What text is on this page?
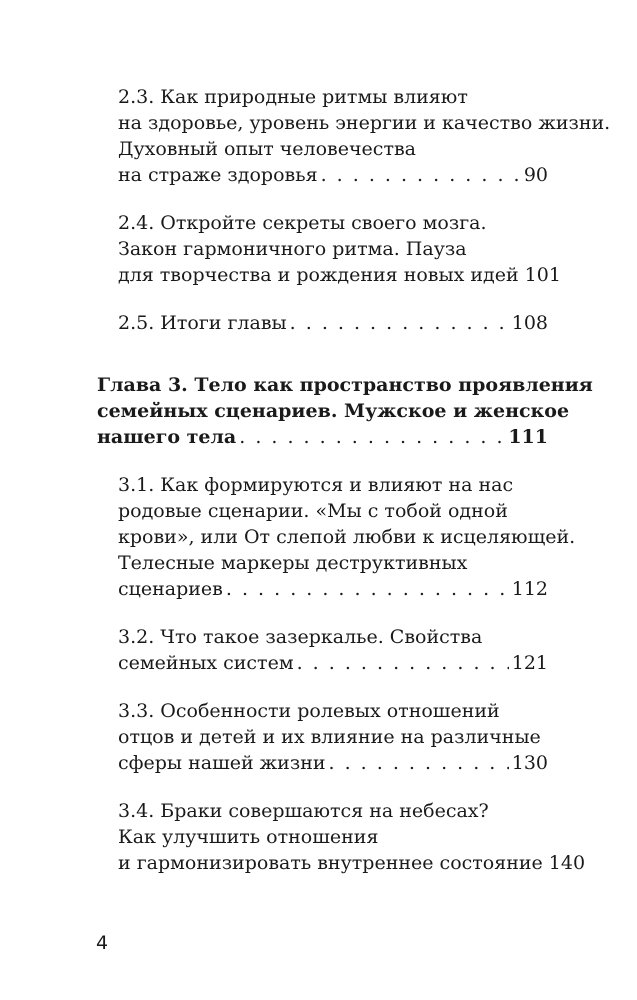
2.3. Как природные ритмы влияют
на здоровье, уровень энергии и качество жизни.
Духовный опыт человечества
на страже здоровья . . .	90
2.4. Откройте секреты своего мозга.
Закон гармоничного ритма. Пауза
для творчества и рождения новых идей 101
2.5. Итоги главы . . .	108
Глава 3. Тело как пространство проявления
семейных сценариев. Мужское и женское
нашего тела . . .	111
3.1. Как формируются и влияют на нас
родовые сценарии. «Мы с тобой одной
крови», или От слепой любви к исцеляющей.
Телесные маркеры деструктивных
сценариев . . .	112
3.2. Что такое зазеркалье. Свойства
семейных систем . . .	121
3.3. Особенности ролевых отношений
отцов и детей и их влияние на различные
сферы нашей жизни . . .	130
3.4. Браки совершаются на небесах?
Как улучшить отношения
и гармонизировать внутреннее состояние 140
4
